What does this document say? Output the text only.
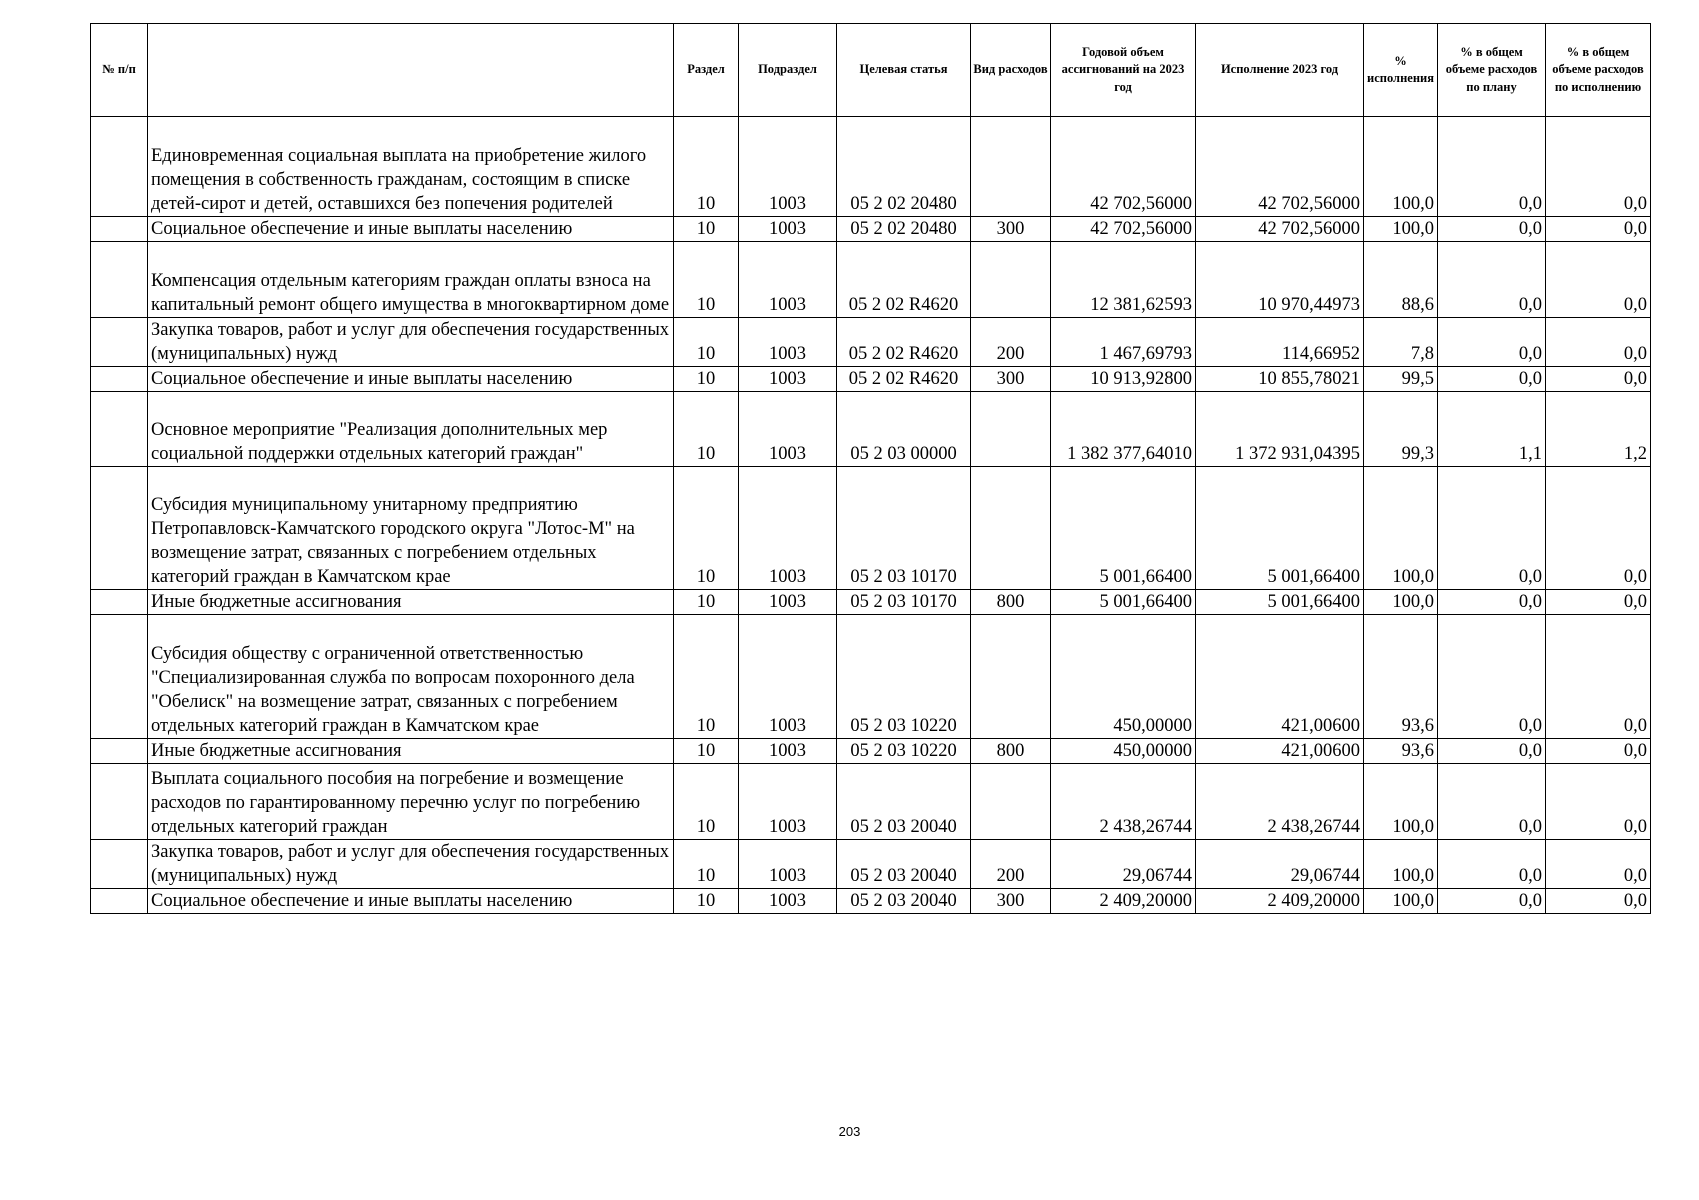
№ п/п		Раздел	Подраздел	Целевая статья	Вид расходов	Годовой объем ассигнований на 2023 год	Исполнение 2023 год	% исполнения	% в общем объеме расходов по плану	% в общем объеме расходов по исполнению
	Единовременная социальная выплата на приобретение жилого помещения в собственность гражданам, состоящим в списке детей-сирот и детей, оставшихся без попечения родителей	10	1003	05 2 02 20480		42 702,56000	42 702,56000	100,0	0,0	0,0
	Социальное обеспечение и иные выплаты населению	10	1003	05 2 02 20480	300	42 702,56000	42 702,56000	100,0	0,0	0,0
	Компенсация отдельным категориям граждан оплаты взноса на капитальный ремонт общего имущества в многоквартирном доме	10	1003	05 2 02 R4620		12 381,62593	10 970,44973	88,6	0,0	0,0
	Закупка товаров, работ и услуг для обеспечения государственных (муниципальных) нужд	10	1003	05 2 02 R4620	200	1 467,69793	114,66952	7,8	0,0	0,0
	Социальное обеспечение и иные выплаты населению	10	1003	05 2 02 R4620	300	10 913,92800	10 855,78021	99,5	0,0	0,0
	Основное мероприятие "Реализация дополнительных мер социальной поддержки отдельных категорий граждан"	10	1003	05 2 03 00000		1 382 377,64010	1 372 931,04395	99,3	1,1	1,2
	Субсидия муниципальному унитарному предприятию Петропавловск-Камчатского городского округа "Лотос-М" на возмещение затрат, связанных с погребением отдельных категорий граждан в Камчатском крае	10	1003	05 2 03 10170		5 001,66400	5 001,66400	100,0	0,0	0,0
	Иные бюджетные ассигнования	10	1003	05 2 03 10170	800	5 001,66400	5 001,66400	100,0	0,0	0,0
	Субсидия обществу с ограниченной ответственностью "Специализированная служба по вопросам похоронного дела "Обелиск" на возмещение затрат, связанных с погребением отдельных категорий граждан в Камчатском крае	10	1003	05 2 03 10220		450,00000	421,00600	93,6	0,0	0,0
	Иные бюджетные ассигнования	10	1003	05 2 03 10220	800	450,00000	421,00600	93,6	0,0	0,0
	Выплата социального пособия на погребение и возмещение расходов по гарантированному перечню услуг по погребению отдельных категорий граждан	10	1003	05 2 03 20040		2 438,26744	2 438,26744	100,0	0,0	0,0
	Закупка товаров, работ и услуг для обеспечения государственных (муниципальных) нужд	10	1003	05 2 03 20040	200	29,06744	29,06744	100,0	0,0	0,0
	Социальное обеспечение и иные выплаты населению	10	1003	05 2 03 20040	300	2 409,20000	2 409,20000	100,0	0,0	0,0
203
